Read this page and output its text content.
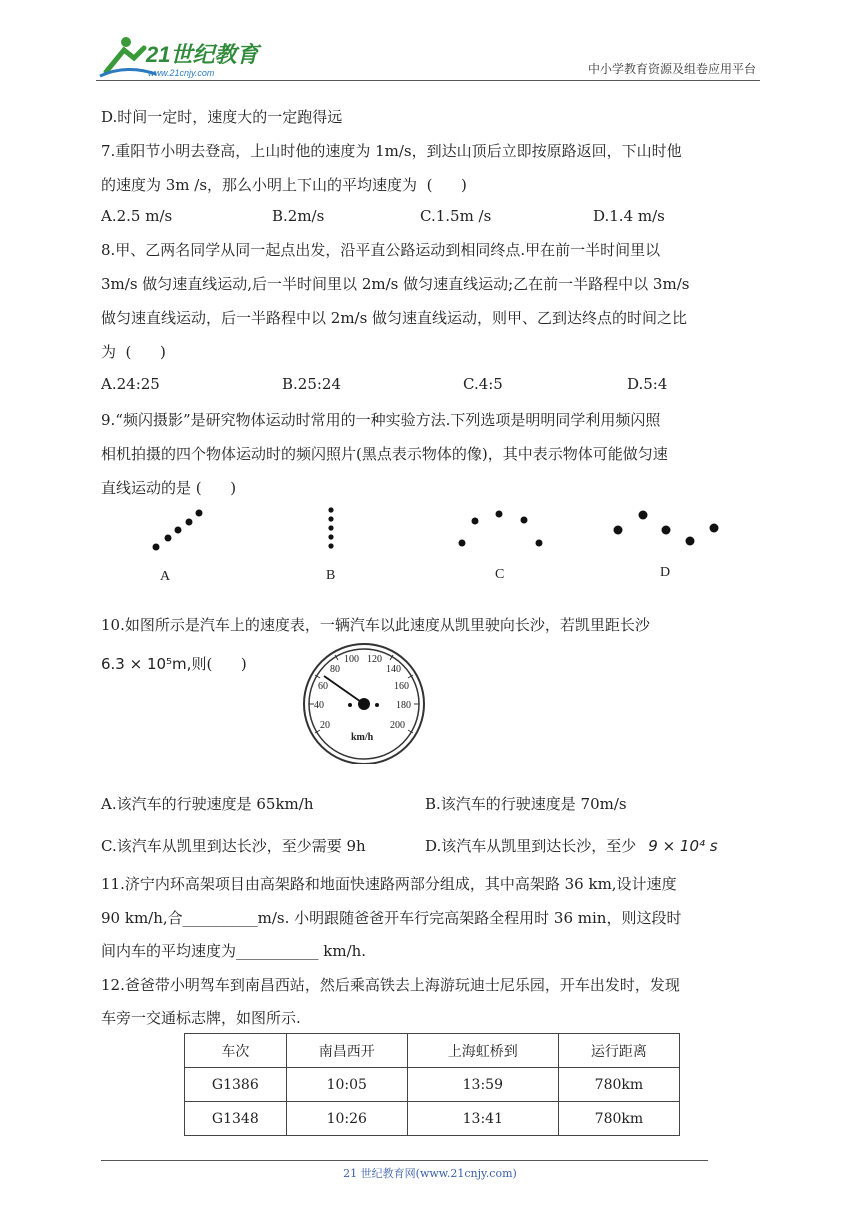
21世纪教育
www.21cnjy.com	中小学教育资源及组卷应用平台
D.时间一定时，速度大的一定跑得远
7.重阳节小明去登高，上山时他的速度为 1m/s，到达山顶后立即按原路返回，下山时他
的速度为 3m /s，那么小明上下山的平均速度为  (      )
A.2.5 m/s	B.2m/s	C.1.5m /s	D.1.4 m/s
8.甲、乙两名同学从同一起点出发，沿平直公路运动到相同终点.甲在前一半时间里以
3m/s 做匀速直线运动,后一半时间里以 2m/s 做匀速直线运动;乙在前一半路程中以 3m/s
做匀速直线运动，后一半路程中以 2m/s 做匀速直线运动，则甲、乙到达终点的时间之比
为  (      )
A.24:25	B.25:24	C.4:5	D.5:4
9.“频闪摄影”是研究物体运动时常用的一种实验方法.下列选项是明明同学利用频闪照
相机拍摄的四个物体运动时的频闪照片(黑点表示物体的像)，其中表示物体可能做匀速
直线运动的是 (      )
A	B	C	D
10.如图所示是汽车上的速度表，一辆汽车以此速度从凯里驶向长沙，若凯里距长沙
6.3 × 10⁵m,则(      )
20
40
60
80
100 120
140
160
180
200
km/h
A.该汽车的行驶速度是 65km/h	B.该汽车的行驶速度是 70m/s
C.该汽车从凯里到达长沙，至少需要 9h	D.该汽车从凯里到达长沙，至少 9 × 10⁴ s
11.济宁内环高架项目由高架路和地面快速路两部分组成，其中高架路 36 km,设计速度
90 km/h,合__________m/s. 小明跟随爸爸开车行完高架路全程用时 36 min，则这段时
间内车的平均速度为___________ km/h.
12.爸爸带小明驾车到南昌西站，然后乘高铁去上海游玩迪士尼乐园，开车出发时，发现
车旁一交通标志牌，如图所示.
车次	南昌西开	上海虹桥到	运行距离
G1386	10:05	13:59	780km
G1348	10:26	13:41	780km
21 世纪教育网(www.21cnjy.com)
